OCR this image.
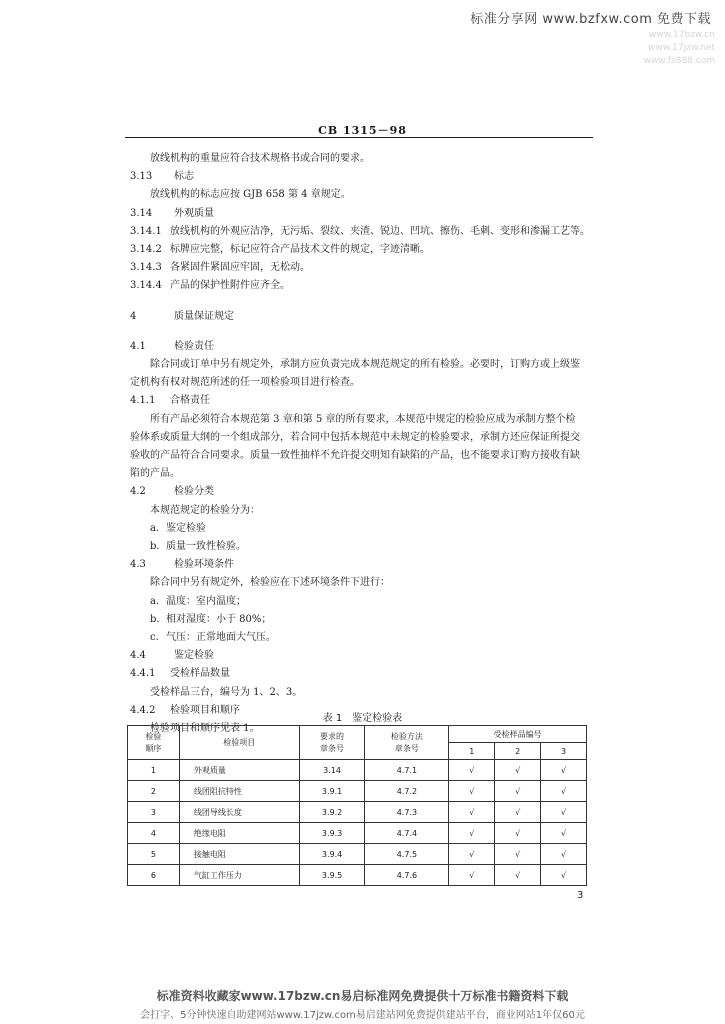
标准分享网 www.bzfxw.com 免费下载
www.17bzw.cn
www.17jzw.net
www.fs888.com
CB 1315－98
放线机构的重量应符合技术规格书或合同的要求。
3.13 标志
放线机构的标志应按 GJB 658 第 4 章规定。
3.14 外观质量
3.14.1 放线机构的外观应洁净，无污垢、裂纹、夹渣、锐边、凹坑、擦伤、毛刺、变形和渗漏工艺等。
3.14.2 标牌应完整，标记应符合产品技术文件的规定，字迹清晰。
3.14.3 各紧固件紧固应牢固，无松动。
3.14.4 产品的保护性附件应齐全。
4	质量保证规定
4.1	检验责任
除合同或订单中另有规定外，承制方应负责完成本规范规定的所有检验。必要时，订购方或上级鉴
定机构有权对规范所述的任一项检验项目进行检查。
4.1.1 合格责任
所有产品必须符合本规范第 3 章和第 5 章的所有要求，本规范中规定的检验应成为承制方整个检
验体系或质量大纲的一个组成部分，若合同中包括本规范中未规定的检验要求，承制方还应保证所提交
验收的产品符合合同要求。质量一致性抽样不允许提交明知有缺陷的产品，也不能要求订购方接收有缺
陷的产品。
4.2	检验分类
本规范规定的检验分为：
a. 鉴定检验
b. 质量一致性检验。
4.3	检验环境条件
除合同中另有规定外，检验应在下述环境条件下进行：
a. 温度：室内温度；
b. 相对湿度：小于 80%；
c. 气压：正常地面大气压。
4.4	鉴定检验
4.4.1 受检样品数量
受检样品三台，编号为 1、2、3。
4.4.2 检验项目和顺序
检验项目和顺序见表 1。
表 1　鉴定检验表
检验
顺序	检验项目	要求的
章条号	检验方法
章条号	受检样品编号		
				1	2	3
1	外观质量	3.14	4.7.1	√	√	√
2	线团阻抗特性	3.9.1	4.7.2	√	√	√
3	线团导线长度	3.9.2	4.7.3	√	√	√
4	绝缘电阻	3.9.3	4.7.4	√	√	√
5	接触电阻	3.9.4	4.7.5	√	√	√
6	气缸工作压力	3.9.5	4.7.6	√	√	√
3
标准资料收藏家www.17bzw.cn易启标准网免费提供十万标准书籍资料下载
会打字、5分钟快速自助建网站www.17jzw.com易启建站网免费提供建站平台，商业网站1年仅60元
